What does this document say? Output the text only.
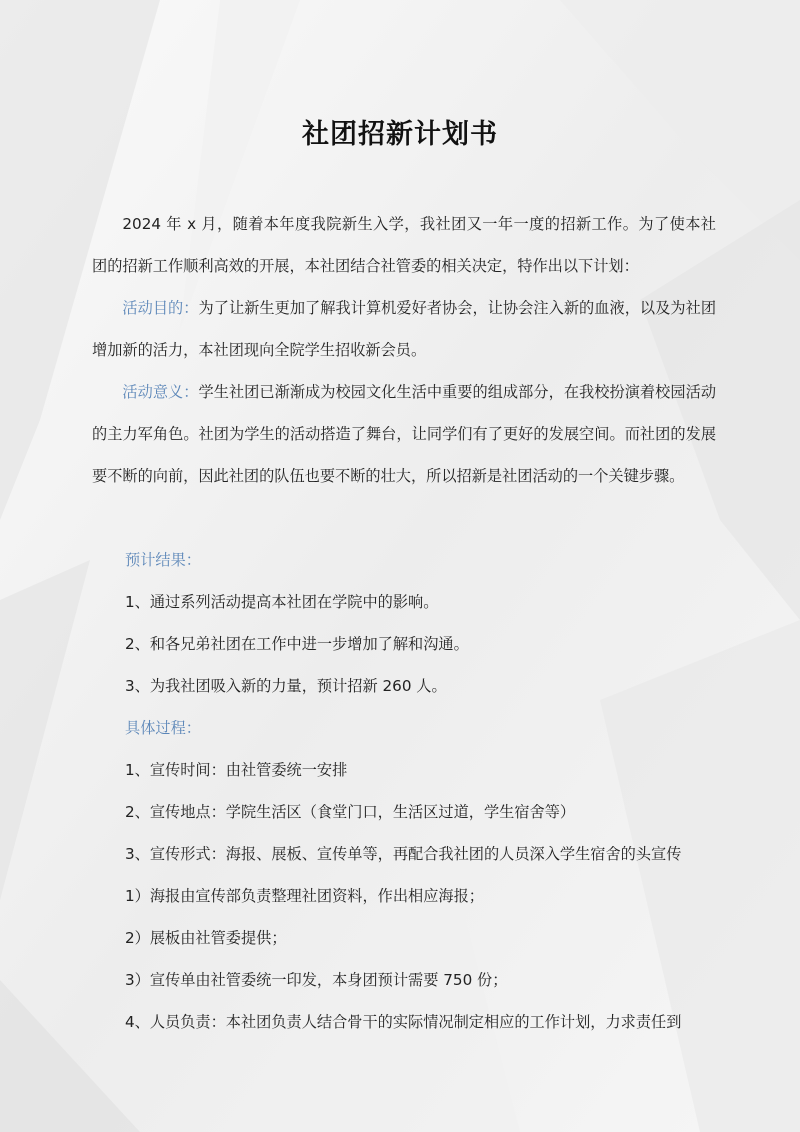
社团招新计划书

2024 年 x 月，随着本年度我院新生入学，我社团又一年一度的招新工作。为了使本社团的招新工作顺利高效的开展，本社团结合社管委的相关决定，特作出以下计划：

活动目的：为了让新生更加了解我计算机爱好者协会，让协会注入新的血液，以及为社团增加新的活力，本社团现向全院学生招收新会员。

活动意义：学生社团已渐渐成为校园文化生活中重要的组成部分，在我校扮演着校园活动的主力军角色。社团为学生的活动搭造了舞台，让同学们有了更好的发展空间。而社团的发展要不断的向前，因此社团的队伍也要不断的壮大，所以招新是社团活动的一个关键步骤。

预计结果：
1、通过系列活动提高本社团在学院中的影响。
2、和各兄弟社团在工作中进一步增加了解和沟通。
3、为我社团吸入新的力量，预计招新 260 人。
具体过程：
1、宣传时间：由社管委统一安排
2、宣传地点：学院生活区（食堂门口，生活区过道，学生宿舍等）
3、宣传形式：海报、展板、宣传单等，再配合我社团的人员深入学生宿舍的头宣传
1）海报由宣传部负责整理社团资料，作出相应海报；
2）展板由社管委提供；
3）宣传单由社管委统一印发，本身团预计需要 750 份；
4、人员负责：本社团负责人结合骨干的实际情况制定相应的工作计划，力求责任到
